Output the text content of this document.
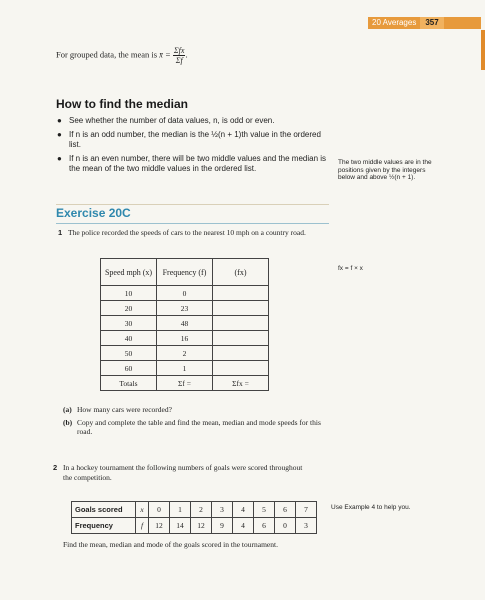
20 Averages	357
For grouped data, the mean is x̄ = $\frac{\text{Σfx}}{\Sigma f}$ .
How to find the median
● See whether the number of data values, n, is odd or even.
● If n is an odd number, the median is the ½(n + 1)th value in the ordered list.
● If n is an even number, there will be two middle values and the median is the mean of the two middle values in the ordered list.
The two middle values are in the positions given by the integers below and above ½(n + 1).
Exercise 20C
1 The police recorded the speeds of cars to the nearest 10 mph on a country road.
Speed mph (x)	Frequency (f)	(fx)
10	0	
20	23	
30	48	
40	16	
50	2	
60	1	
Totals	Σf =	Σfx =
fx = f × x
(a) How many cars were recorded?
(b) Copy and complete the table and find the mean, median and mode speeds for this road.
2 In a hockey tournament the following numbers of goals were scored throughout the competition.
Goals scored	x	0	1	2	3	4	5	6	7
Frequency	f	12	14	12	9	4	6	0	3
Use Example 4 to help you.
Find the mean, median and mode of the goals scored in the tournament.
